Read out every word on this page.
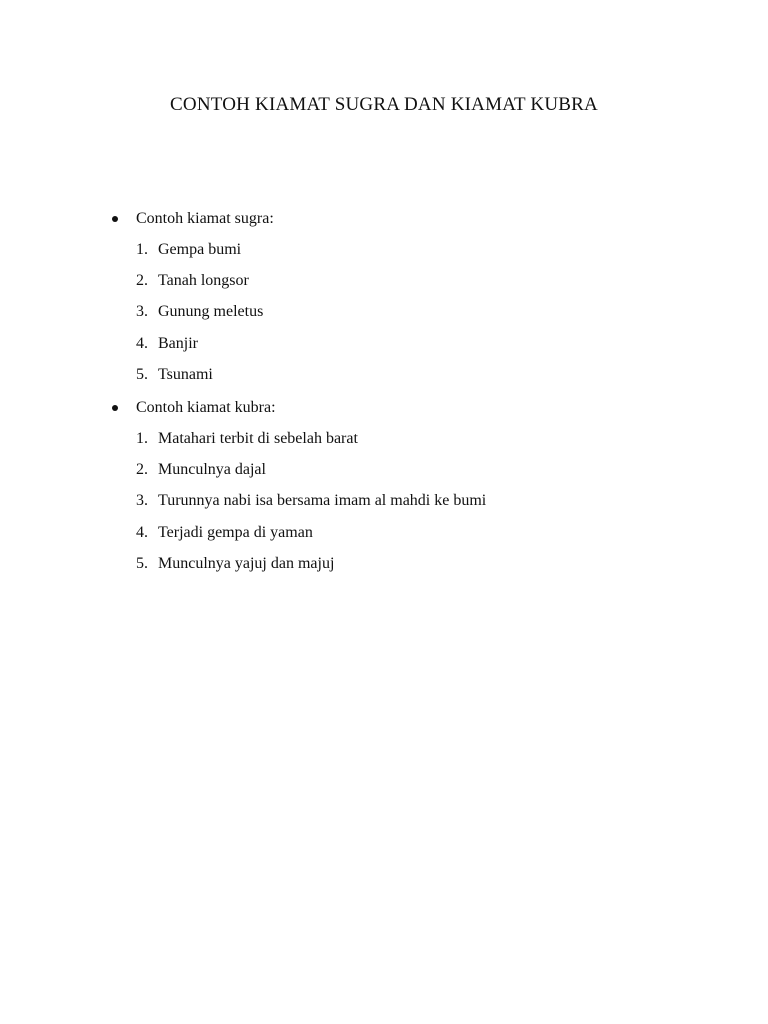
CONTOH KIAMAT SUGRA DAN KIAMAT KUBRA
Contoh kiamat sugra:
1. Gempa bumi
2. Tanah longsor
3. Gunung meletus
4. Banjir
5. Tsunami
Contoh kiamat kubra:
1. Matahari terbit di sebelah barat
2. Munculnya dajal
3. Turunnya nabi isa bersama imam al mahdi ke bumi
4. Terjadi gempa di yaman
5. Munculnya yajuj dan majuj
